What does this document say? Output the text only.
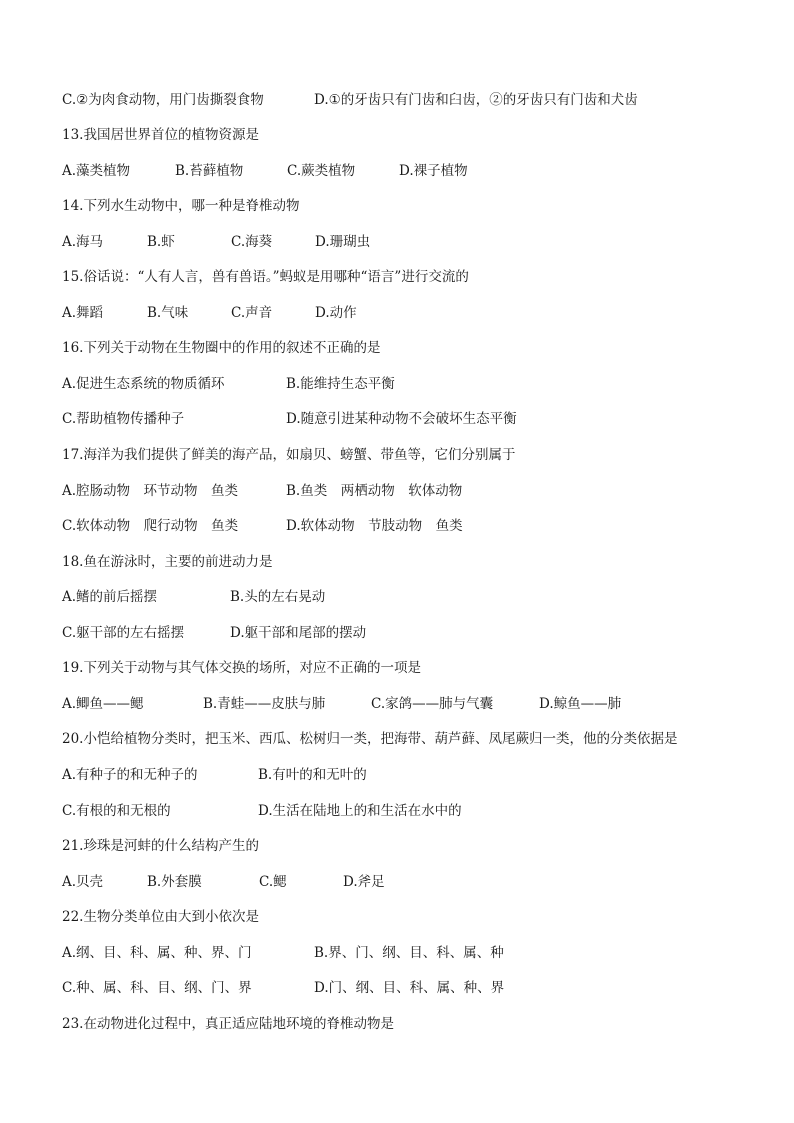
C.②为肉食动物，用门齿撕裂食物	D.①的牙齿只有门齿和臼齿，②的牙齿只有门齿和犬齿
13.我国居世界首位的植物资源是
A.藻类植物	B.苔藓植物	C.蕨类植物	D.裸子植物
14.下列水生动物中，哪一种是脊椎动物
A.海马	B.虾	C.海葵	D.珊瑚虫
15.俗话说：“人有人言，兽有兽语。”蚂蚁是用哪种“语言”进行交流的
A.舞蹈	B.气味	C.声音	D.动作
16.下列关于动物在生物圈中的作用的叙述不正确的是
A.促进生态系统的物质循环	B.能维持生态平衡
C.帮助植物传播种子	D.随意引进某种动物不会破坏生态平衡
17.海洋为我们提供了鲜美的海产品，如扇贝、螃蟹、带鱼等，它们分别属于
A.腔肠动物　环节动物　鱼类	B.鱼类　两栖动物　软体动物
C.软体动物　爬行动物　鱼类	D.软体动物　节肢动物　鱼类
18.鱼在游泳时，主要的前进动力是
A.鳍的前后摇摆	B.头的左右晃动
C.躯干部的左右摇摆	D.躯干部和尾部的摆动
19.下列关于动物与其气体交换的场所，对应不正确的一项是
A.鲫鱼——鳃	B.青蛙——皮肤与肺	C.家鸽——肺与气囊	D.鲸鱼——肺
20.小恺给植物分类时，把玉米、西瓜、松树归一类，把海带、葫芦藓、凤尾蕨归一类，他的分类依据是
A.有种子的和无种子的	B.有叶的和无叶的
C.有根的和无根的	D.生活在陆地上的和生活在水中的
21.珍珠是河蚌的什么结构产生的
A.贝壳	B.外套膜	C.鳃	D.斧足
22.生物分类单位由大到小依次是
A.纲、目、科、属、种、界、门	B.界、门、纲、目、科、属、种
C.种、属、科、目、纲、门、界	D.门、纲、目、科、属、种、界
23.在动物进化过程中，真正适应陆地环境的脊椎动物是
